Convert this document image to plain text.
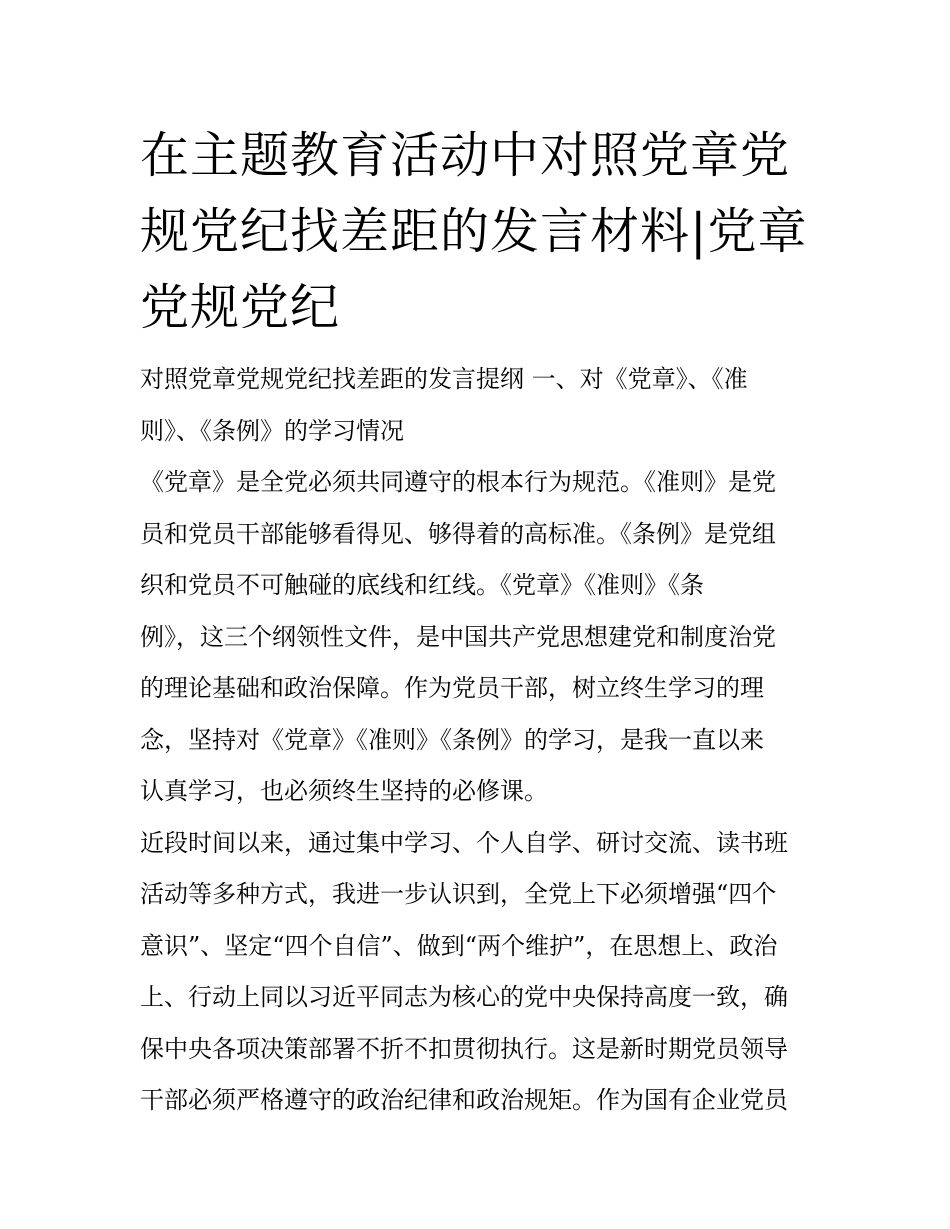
在主题教育活动中对照党章党
规党纪找差距的发言材料|党章
党规党纪

对照党章党规党纪找差距的发言提纲 一、对《党章》、《准
则》、《条例》的学习情况

《党章》是全党必须共同遵守的根本行为规范。《准则》是党
员和党员干部能够看得见、够得着的高标准。《条例》是党组
织和党员不可触碰的底线和红线。《党章》《准则》《条
例》，这三个纲领性文件，是中国共产党思想建党和制度治党
的理论基础和政治保障。作为党员干部，树立终生学习的理
念，坚持对《党章》《准则》《条例》的学习，是我一直以来
认真学习，也必须终生坚持的必修课。

近段时间以来，通过集中学习、个人自学、研讨交流、读书班
活动等多种方式，我进一步认识到，全党上下必须增强“四个
意识”、坚定“四个自信”、做到“两个维护”，在思想上、政治
上、行动上同以习近平同志为核心的党中央保持高度一致，确
保中央各项决策部署不折不扣贯彻执行。这是新时期党员领导
干部必须严格遵守的政治纪律和政治规矩。作为国有企业党员
